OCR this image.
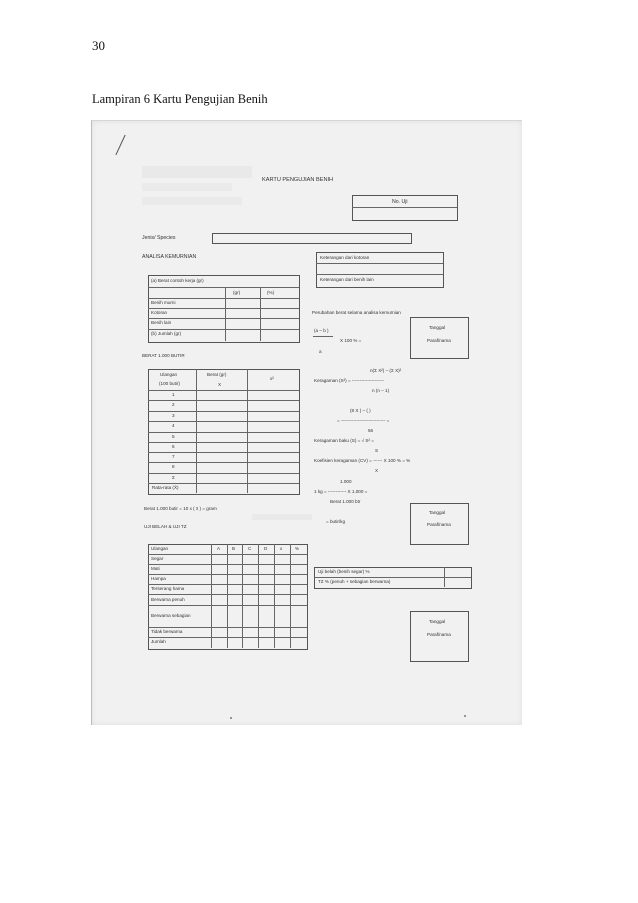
30
Lampiran 6 Kartu Pengujian Benih
KARTU PENGUJIAN BENIH
No. Uji
Jenis/ Species
ANALISA KEMURNIAN	Keterangan dari kotoran
Keterangan dari benih lain
(a) Berat contoh kerja (gr)
(gr)	(%)
Benih murni
Kotoran
Benih lain
(b) Jumlah (gr)
Perubahan berat selama analisa kemurnian
(a – b )
X 100 % =
a
Tanggal
Paraf/nama
BERAT 1.000 BUTIR
Ulangan
(100 butir)
Berat (gr)
X
x²
1
2
3
4
5
6
7
8
Σ
Rata-rata (X̄)
n(Σ X²) – (Σ X)²
Keragaman (S²) = ---------------------
n (n – 1)
(8 X ) – ( )
= ----------------------------- =
56
Keragaman baku (S) = √ S² =
S
Koefisien keragaman (CV) = ------ X 100 % = %
X
1.000
1 kg = ------------ X 1.000 =
Berat 1.000 btr
Berat 1.000 butir = 10 x ( x̄ ) = gram
= butir/kg
Tanggal
Paraf/nama
UJI BELAH & UJI TZ
Ulangan	A	B	C	D	x	%
Segar
Mati
Hampa
Terserang hama
Berwarna penuh
Berwarna sebagian
Tidak berwarna
Jumlah
Uji belah (benih segar) %
TZ % (penuh + sebagian berwarna)
Tanggal
Paraf/nama
